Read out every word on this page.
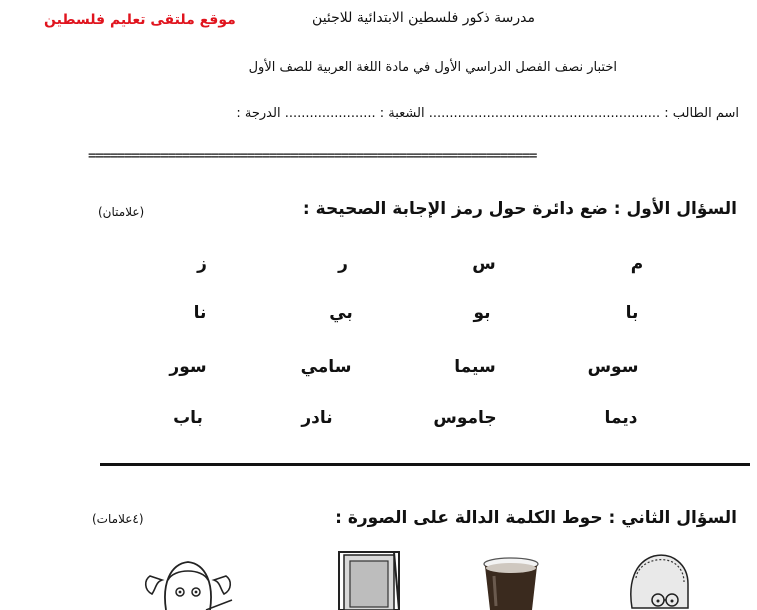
مدرسة ذكور فلسطين الابتدائية للاجئين
موقع ملتقى تعليم فلسطين
اختبار نصف الفصل الدراسي الأول في مادة اللغة العربية للصف الأول
اسم الطالب : ........................................................ الشعبة : ...................... الدرجة :
==============================================================
السؤال الأول : ضع دائرة حول رمز الإجابة الصحيحة :
(علامتان)
م
س
ر
ز
با
بو
بي
نا
سوس
سيما
سامي
سور
ديما
جاموس
نادر
باب
السؤال الثاني : حوط الكلمة الدالة على الصورة :
(٤علامات)
